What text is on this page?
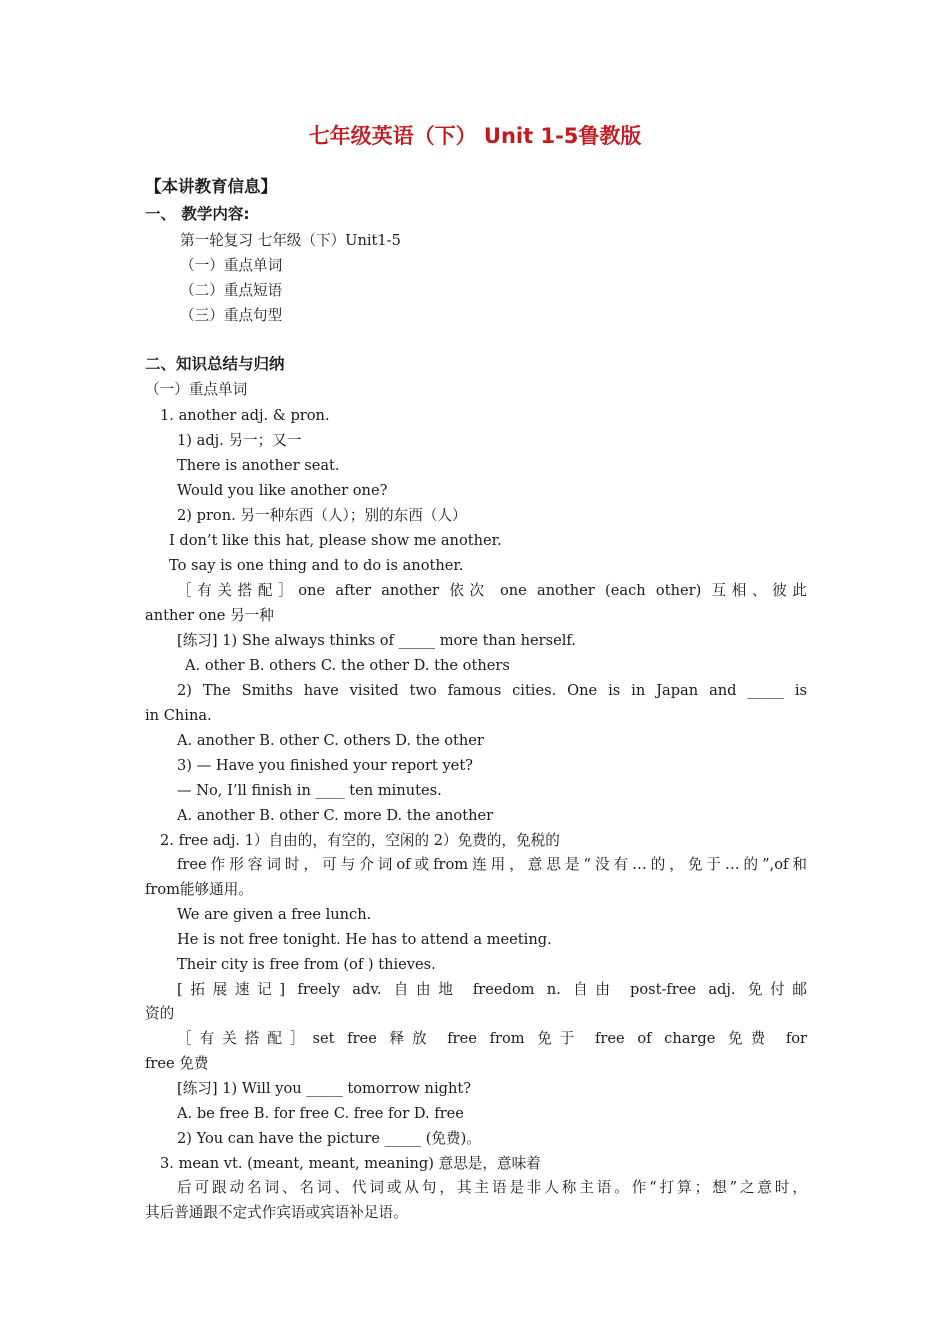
七年级英语（下） Unit 1-5鲁教版
【本讲教育信息】
一、 教学内容:
第一轮复习 七年级（下）Unit1-5
（一）重点单词
（二）重点短语
（三）重点句型
二、知识总结与归纳
（一）重点单词
1. another adj. & pron.
1) adj. 另一；又一
There is another seat.
Would you like another one?
2) pron. 另一种东西（人）；别的东西（人）
I don’t like this hat, please show me another.
To say is one thing and to do is another.
［有关搭配］one after another 依次 one another (each other) 互相、彼此
anther one 另一种
[练习] 1) She always thinks of _____ more than herself.
A. other B. others C. the other D. the others
2) The Smiths have visited two famous cities. One is in Japan and _____ is
in China.
A. another B. other C. others D. the other
3) — Have you finished your report yet?
— No, I’ll finish in ____ ten minutes.
A. another B. other C. more D. the another
2. free adj. 1）自由的，有空的，空闲的 2）免费的，免税的
free作形容词时，可与介词of或from连用，意思是“没有…的，免于…的”,of和
from能够通用。
We are given a free lunch.
He is not free tonight. He has to attend a meeting.
Their city is free from (of ) thieves.
[拓展速记] freely adv. 自由地 freedom n. 自由 post-free adj. 免付邮
资的
［有关搭配］set free 释放 free from 免于 free of charge 免费 for
free 免费
[练习] 1) Will you _____ tomorrow night?
A. be free B. for free C. free for D. free
2) You can have the picture _____ (免费)。
3. mean vt. (meant, meant, meaning) 意思是，意味着
后可跟动名词、名词、代词或从句，其主语是非人称主语。作“打算；想”之意时，
其后普通跟不定式作宾语或宾语补足语。
